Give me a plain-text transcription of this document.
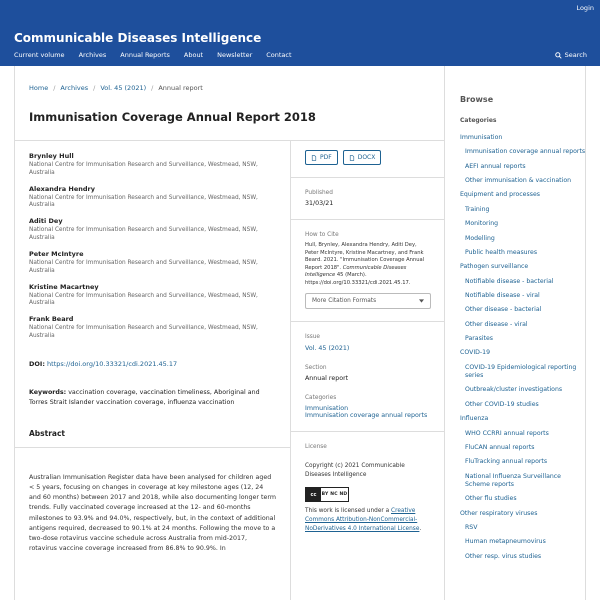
Login
Communicable Diseases Intelligence
Current volume Archives Annual Reports About Newsletter Contact	Search
Home / Archives / Vol. 45 (2021) / Annual report
Immunisation Coverage Annual Report 2018
Brynley Hull
National Centre for Immunisation Research and Surveillance, Westmead, NSW, Australia
Alexandra Hendry
National Centre for Immunisation Research and Surveillance, Westmead, NSW, Australia
Aditi Dey
National Centre for Immunisation Research and Surveillance, Westmead, NSW, Australia
Peter McIntyre
National Centre for Immunisation Research and Surveillance, Westmead, NSW, Australia
Kristine Macartney
National Centre for Immunisation Research and Surveillance, Westmead, NSW, Australia
Frank Beard
National Centre for Immunisation Research and Surveillance, Westmead, NSW, Australia
DOI: https://doi.org/10.33321/cdi.2021.45.17
Keywords: vaccination coverage, vaccination timeliness, Aboriginal and Torres Strait Islander vaccination coverage, influenza vaccination
Abstract
Australian Immunisation Register data have been analysed for children aged < 5 years, focusing on changes in coverage at key milestone ages (12, 24 and 60 months) between 2017 and 2018, while also documenting longer term trends. Fully vaccinated coverage increased at the 12- and 60-months milestones to 93.9% and 94.0%, respectively, but, in the context of additional antigens required, decreased to 90.1% at 24 months. Following the move to a two-dose rotavirus vaccine schedule across Australia from mid-2017, rotavirus vaccine coverage increased from 86.8% to 90.9%. In
PDF	DOCX
Published
31/03/21
How to Cite
Hull, Brynley, Alexandra Hendry, Aditi Dey, Peter McIntyre, Kristine Macartney, and Frank Beard. 2021. "Immunisation Coverage Annual Report 2018". Communicable Diseases Intelligence 45 (March). https://doi.org/10.33321/cdi.2021.45.17.
More Citation Formats
Issue
Vol. 45 (2021)
Section
Annual report
Categories
Immunisation
Immunisation coverage annual reports
License
Copyright (c) 2021 Communicable Diseases Intelligence
cc	BY NC ND
This work is licensed under a Creative Commons Attribution-NonCommercial-NoDerivatives 4.0 International License.
Browse
Categories
Immunisation
Immunisation coverage annual reports
AEFI annual reports
Other immunisation & vaccination
Equipment and processes
Training
Monitoring
Modelling
Public health measures
Pathogen surveillance
Notifiable disease - bacterial
Notifiable disease - viral
Other disease - bacterial
Other disease - viral
Parasites
COVID-19
COVID-19 Epidemiological reporting series
Outbreak/cluster investigations
Other COVID-19 studies
Influenza
WHO CCRRI annual reports
FluCAN annual reports
FluTracking annual reports
National Influenza Surveillance Scheme reports
Other flu studies
Other respiratory viruses
RSV
Human metapneumovirus
Other resp. virus studies
